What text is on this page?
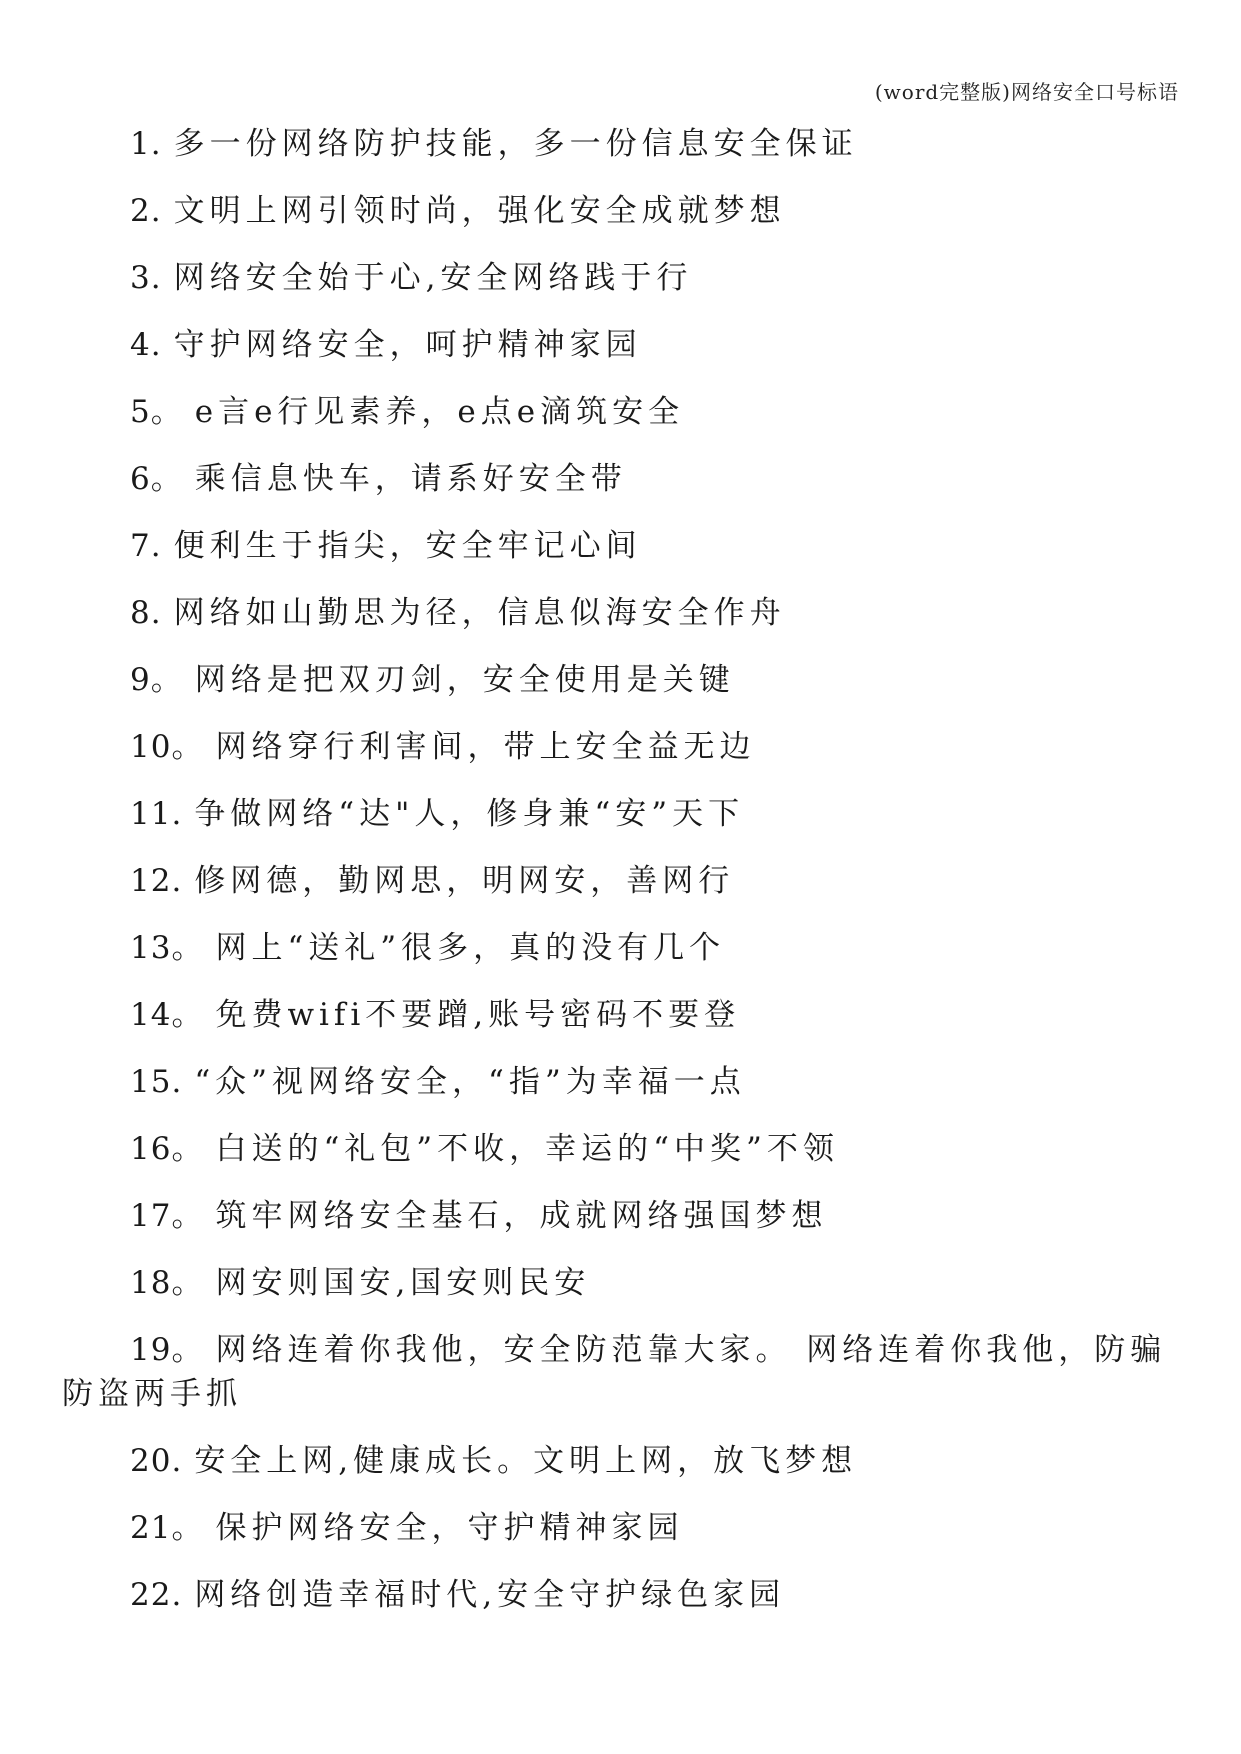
(word完整版)网络安全口号标语
1. 多一份网络防护技能，多一份信息安全保证
2. 文明上网引领时尚，强化安全成就梦想
3. 网络安全始于心,安全网络践于行
4. 守护网络安全，呵护精神家园
5。 e言e行见素养，e点e滴筑安全
6。 乘信息快车，请系好安全带
7. 便利生于指尖，安全牢记心间
8. 网络如山勤思为径，信息似海安全作舟
9。 网络是把双刃剑，安全使用是关键
10。 网络穿行利害间，带上安全益无边
11. 争做网络“达"人，修身兼“安”天下
12. 修网德，勤网思，明网安，善网行
13。 网上“送礼”很多，真的没有几个
14。 免费wifi不要蹭,账号密码不要登
15. “众”视网络安全，“指”为幸福一点
16。 白送的“礼包”不收，幸运的“中奖”不领
17。 筑牢网络安全基石，成就网络强国梦想
18。 网安则国安,国安则民安
19。 网络连着你我他，安全防范靠大家。 网络连着你我他，防骗防盗两手抓
20. 安全上网,健康成长。文明上网，放飞梦想
21。 保护网络安全，守护精神家园
22. 网络创造幸福时代,安全守护绿色家园
